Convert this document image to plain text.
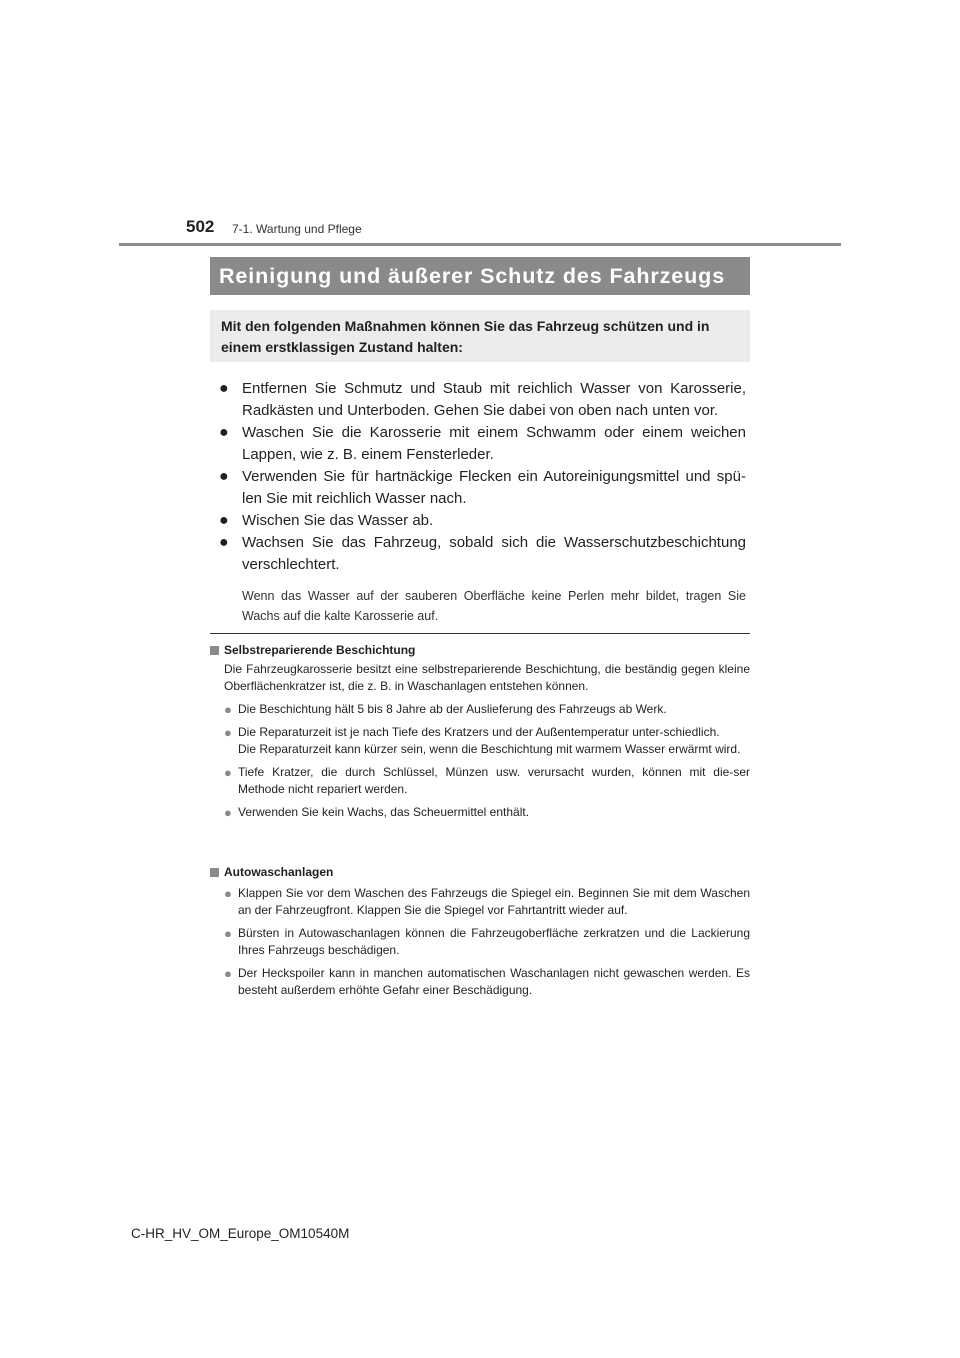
502 7-1. Wartung und Pflege
Reinigung und äußerer Schutz des Fahrzeugs
Mit den folgenden Maßnahmen können Sie das Fahrzeug schützen und in einem erstklassigen Zustand halten:
● Entfernen Sie Schmutz und Staub mit reichlich Wasser von Karosserie, Radkästen und Unterboden. Gehen Sie dabei von oben nach unten vor.
● Waschen Sie die Karosserie mit einem Schwamm oder einem weichen Lappen, wie z. B. einem Fensterleder.
● Verwenden Sie für hartnäckige Flecken ein Autoreinigungsmittel und spü-len Sie mit reichlich Wasser nach.
● Wischen Sie das Wasser ab.
● Wachsen Sie das Fahrzeug, sobald sich die Wasserschutzbeschichtung verschlechtert.
Wenn das Wasser auf der sauberen Oberfläche keine Perlen mehr bildet, tragen Sie Wachs auf die kalte Karosserie auf.
Selbstreparierende Beschichtung
Die Fahrzeugkarosserie besitzt eine selbstreparierende Beschichtung, die beständig gegen kleine Oberflächenkratzer ist, die z. B. in Waschanlagen entstehen können.
● Die Beschichtung hält 5 bis 8 Jahre ab der Auslieferung des Fahrzeugs ab Werk.
● Die Reparaturzeit ist je nach Tiefe des Kratzers und der Außentemperatur unter-schiedlich.
Die Reparaturzeit kann kürzer sein, wenn die Beschichtung mit warmem Wasser erwärmt wird.
● Tiefe Kratzer, die durch Schlüssel, Münzen usw. verursacht wurden, können mit die-ser Methode nicht repariert werden.
● Verwenden Sie kein Wachs, das Scheuermittel enthält.
Autowaschanlagen
● Klappen Sie vor dem Waschen des Fahrzeugs die Spiegel ein. Beginnen Sie mit dem Waschen an der Fahrzeugfront. Klappen Sie die Spiegel vor Fahrtantritt wieder auf.
● Bürsten in Autowaschanlagen können die Fahrzeugoberfläche zerkratzen und die Lackierung Ihres Fahrzeugs beschädigen.
● Der Heckspoiler kann in manchen automatischen Waschanlagen nicht gewaschen werden. Es besteht außerdem erhöhte Gefahr einer Beschädigung.
C-HR_HV_OM_Europe_OM10540M
